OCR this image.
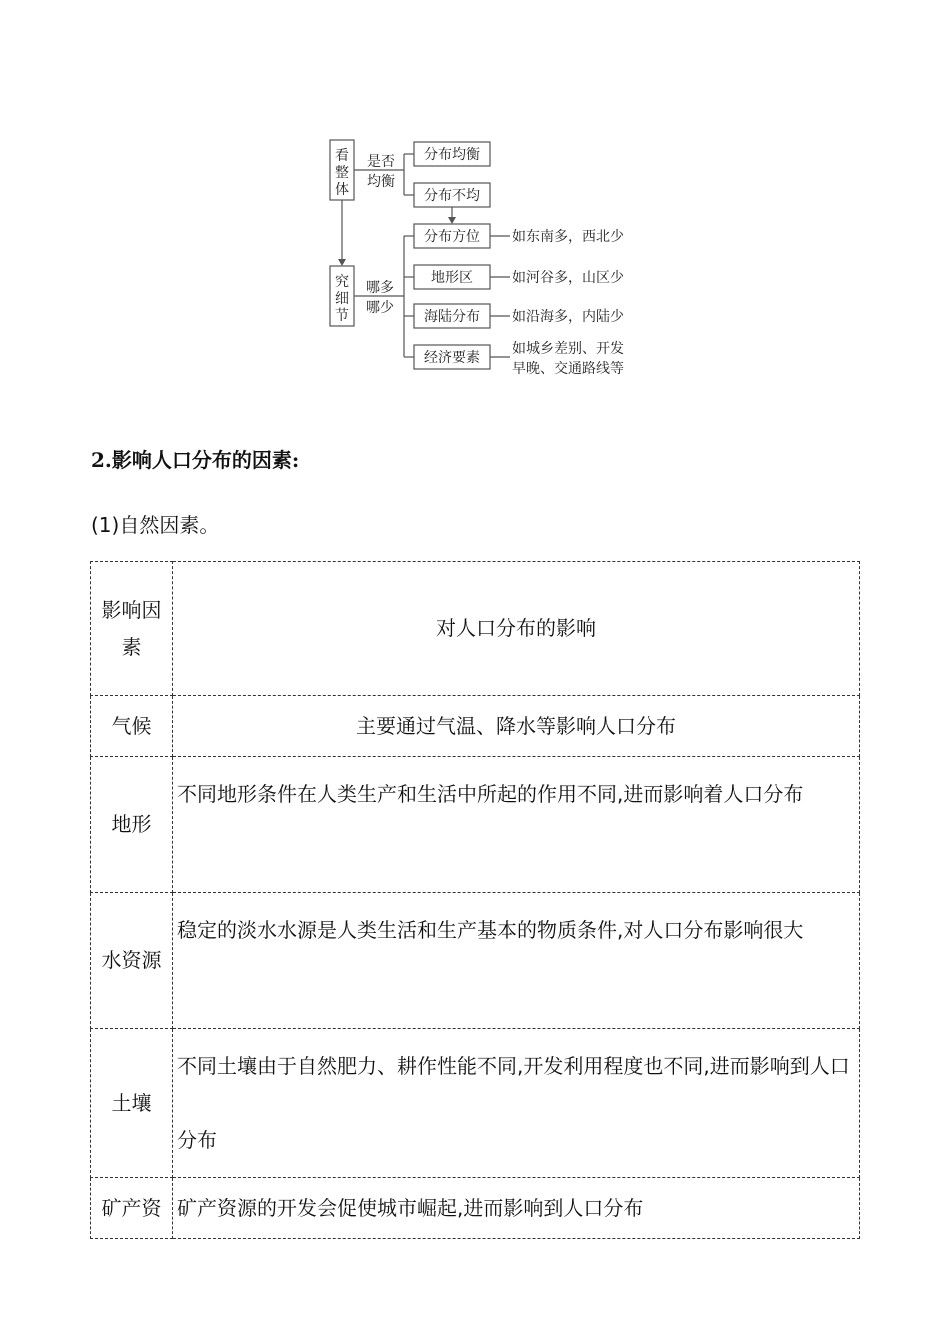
看
整
体
究
细
节
是否
均衡
哪多
哪少
分布均衡
分布不均
分布方位
地形区
海陆分布
经济要素
如东南多，西北少
如河谷多，山区少
如沿海多，内陆少
如城乡差别、开发
早晚、交通路线等
2.影响人口分布的因素:
(1)自然因素。
影响因素	对人口分布的影响
气候	主要通过气温、降水等影响人口分布
地形	不同地形条件在人类生产和生活中所起的作用不同,进而影响着人口分布
水资源	稳定的淡水水源是人类生活和生产基本的物质条件,对人口分布影响很大
土壤	不同土壤由于自然肥力、耕作性能不同,开发利用程度也不同,进而影响到人口分布
矿产资	矿产资源的开发会促使城市崛起,进而影响到人口分布
